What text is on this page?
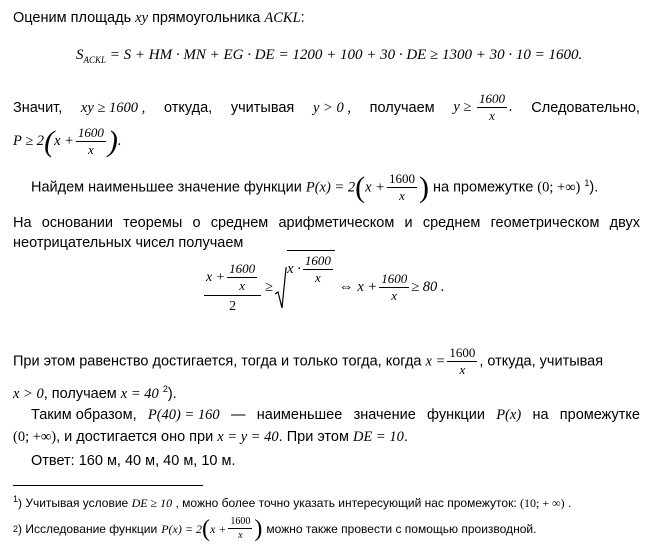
Оценим площадь xy прямоугольника ACKL:
$S_{ACKL} = S$ + HM · MN + EG · DE = 1200 + 100 + 30 · DE ≥ 1300 + 30 · 10 = 1600.
Значит, xy ≥ 1600 , откуда, учитывая y > 0 , получаем $y \ge \frac{1600}{x}$ . Следовательно,
$P \ge 2(x + \frac{1600}{x}$ ).
Найдем наименьшее значение функции $P(x) = 2(x + \frac{1600}{x}$ ) на промежутке (0; +∞) $^1$).
На основании теоремы о среднем арифметическом и среднем геометрическом двух
неотрицательных чисел получаем
$\frac{x + \frac{1600}{x}}{2}$ ≥
$x \cdot \frac{1600}{x}$
⇔ $x + \frac{1600}{x} \ge 80$ .
При этом равенство достигается, тогда и только тогда, когда $x = \frac{1600}{x}$ , откуда, учитывая
x > 0, получаем x = 40 $^2$).
Таким образом, P(40) = 160 — наименьшее значение функции P(x) на промежутке
(0; +∞), и достигается оно при x = y = 40. При этом DE = 10.
Ответ: 160 м, 40 м, 40 м, 10 м.
$^1$) Учитывая условие DE ≥ 10 , можно более точно указать интересующий нас промежуток: (10; + ∞) .
2 ) Исследование функции P(x) = 2 ( $x + \frac{1600}{x}$ ) можно также провести с помощью производной.
